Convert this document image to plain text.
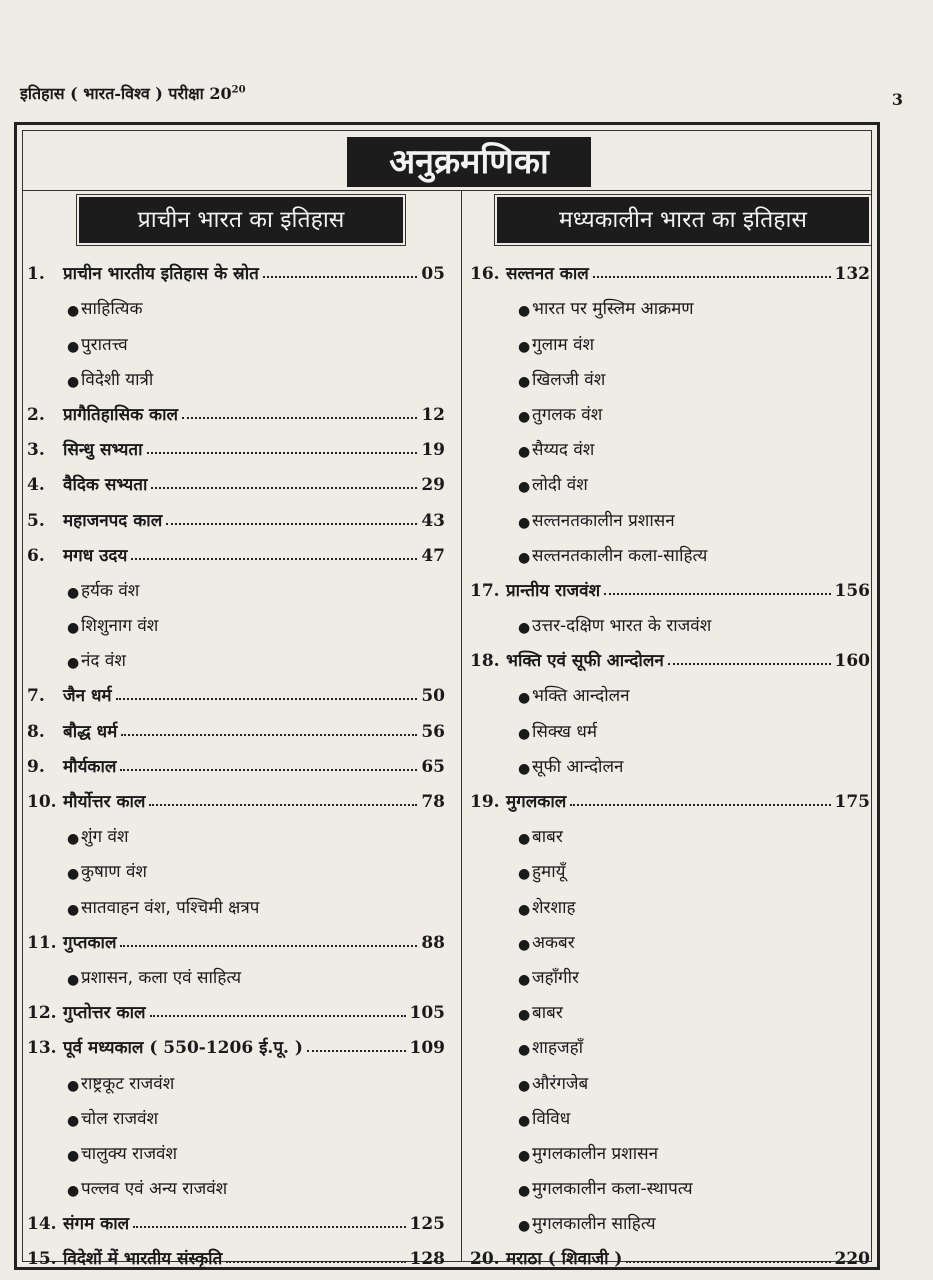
इतिहास ( भारत-विश्व ) परीक्षा $20^{20}$	3
अनुक्रमणिका
प्राचीन भारत का इतिहास	मध्यकालीन भारत का इतिहास
1.	प्राचीन भारतीय इतिहास के स्रोत	05
● साहित्यिक
● पुरातत्त्व
● विदेशी यात्री
2.	प्रागैतिहासिक काल	12
3.	सिन्धु सभ्यता	19
4.	वैदिक सभ्यता	29
5.	महाजनपद काल	43
6.	मगध उदय	47
● हर्यक वंश
● शिशुनाग वंश
● नंद वंश
7.	जैन धर्म	50
8.	बौद्ध धर्म	56
9.	मौर्यकाल	65
10. मौर्योत्तर काल	78
● शुंग वंश
● कुषाण वंश
● सातवाहन वंश, पश्चिमी क्षत्रप
11. गुप्तकाल	88
● प्रशासन, कला एवं साहित्य
12. गुप्तोत्तर काल	105
13. पूर्व मध्यकाल ( 550-1206 ई.पू. )	109
● राष्ट्रकूट राजवंश
● चोल राजवंश
● चालुक्य राजवंश
● पल्लव एवं अन्य राजवंश
14. संगम काल	125
15. विदेशों में भारतीय संस्कृति	128
16. सल्तनत काल	132
● भारत पर मुस्लिम आक्रमण
● गुलाम वंश
● खिलजी वंश
● तुगलक वंश
● सैय्यद वंश
● लोदी वंश
● सल्तनतकालीन प्रशासन
● सल्तनतकालीन कला-साहित्य
17. प्रान्तीय राजवंश	156
● उत्तर-दक्षिण भारत के राजवंश
18. भक्ति एवं सूफी आन्दोलन	160
● भक्ति आन्दोलन
● सिक्ख धर्म
● सूफी आन्दोलन
19. मुगलकाल	175
● बाबर
● हुमायूँ
● शेरशाह
● अकबर
● जहाँगीर
● बाबर
● शाहजहाँ
● औरंगजेब
● विविध
● मुगलकालीन प्रशासन
● मुगलकालीन कला-स्थापत्य
● मुगलकालीन साहित्य
20. मराठा ( शिवाजी )	220
